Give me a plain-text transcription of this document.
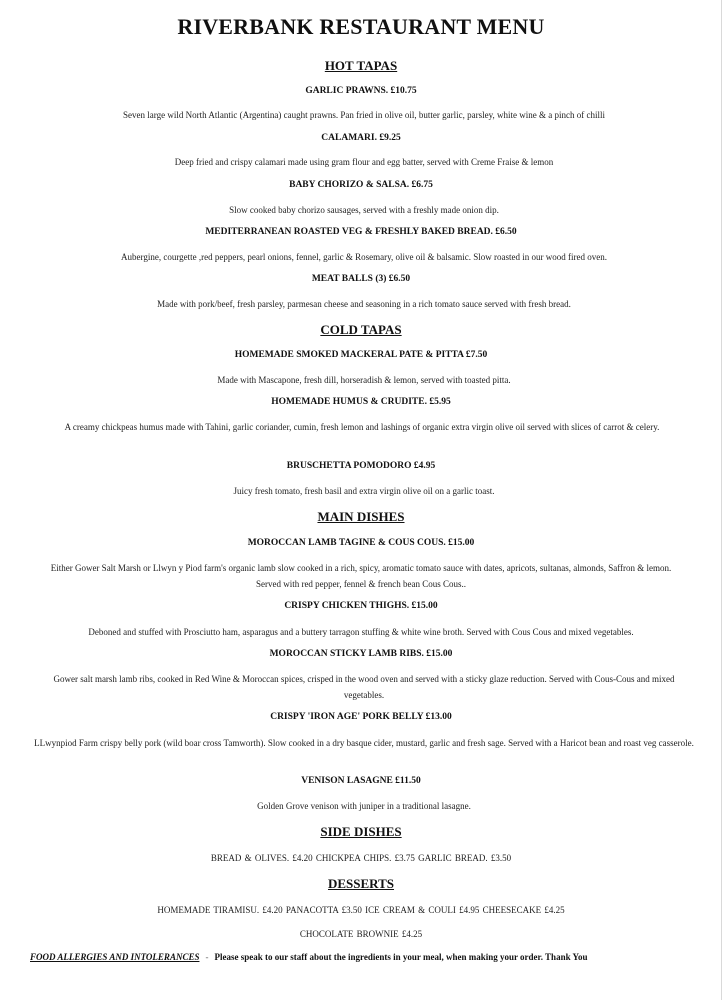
RIVERBANK RESTAURANT MENU
HOT TAPAS
GARLIC PRAWNS. £10.75
Seven large wild North Atlantic (Argentina) caught prawns. Pan fried in olive oil, butter garlic, parsley, white wine & a pinch of chilli
CALAMARI. £9.25
Deep fried and crispy calamari made using gram flour and egg batter, served with Creme Fraise & lemon
BABY CHORIZO & SALSA. £6.75
Slow cooked baby chorizo sausages, served with a freshly made onion dip.
MEDITERRANEAN ROASTED VEG & FRESHLY BAKED BREAD. £6.50
Aubergine, courgette ,red peppers, pearl onions, fennel, garlic & Rosemary, olive oil & balsamic. Slow roasted in our wood fired oven.
MEAT BALLS (3) £6.50
Made with pork/beef, fresh parsley, parmesan cheese and seasoning in a rich tomato sauce served with fresh bread.
COLD TAPAS
HOMEMADE SMOKED MACKERAL PATE & PITTA £7.50
Made with Mascapone, fresh dill, horseradish & lemon, served with toasted pitta.
HOMEMADE HUMUS & CRUDITE. £5.95
A creamy chickpeas humus made with Tahini, garlic coriander, cumin, fresh lemon and lashings of organic extra virgin olive oil served with slices of carrot & celery.
BRUSCHETTA POMODORO £4.95
Juicy fresh tomato, fresh basil and extra virgin olive oil on a garlic toast.
MAIN DISHES
MOROCCAN LAMB TAGINE & COUS COUS. £15.00
Either Gower Salt Marsh or Llwyn y Piod farm's organic lamb slow cooked in a rich, spicy, aromatic tomato sauce with dates, apricots, sultanas, almonds, Saffron & lemon. Served with red pepper, fennel & french bean Cous Cous..
CRISPY CHICKEN THIGHS. £15.00
Deboned and stuffed with Prosciutto ham, asparagus and a buttery tarragon stuffing & white wine broth. Served with Cous Cous and mixed vegetables.
MOROCCAN STICKY LAMB RIBS. £15.00
Gower salt marsh lamb ribs, cooked in Red Wine & Moroccan spices, crisped in the wood oven and served with a sticky glaze reduction. Served with Cous-Cous and mixed vegetables.
CRISPY 'IRON AGE' PORK BELLY £13.00
LLwynpiod Farm crispy belly pork (wild boar cross Tamworth). Slow cooked in a dry basque cider, mustard, garlic and fresh sage. Served with a Haricot bean and roast veg casserole.
VENISON LASAGNE £11.50
Golden Grove venison with juniper in a traditional lasagne.
SIDE DISHES
BREAD & OLIVES. £4.20 CHICKPEA CHIPS. £3.75 GARLIC BREAD. £3.50
DESSERTS
HOMEMADE TIRAMISU. £4.20 PANACOTTA £3.50 ICE CREAM & COULI £4.95 CHEESECAKE £4.25
CHOCOLATE BROWNIE £4.25
FOOD ALLERGIES AND INTOLERANCES - Please speak to our staff about the ingredients in your meal, when making your order. Thank You
